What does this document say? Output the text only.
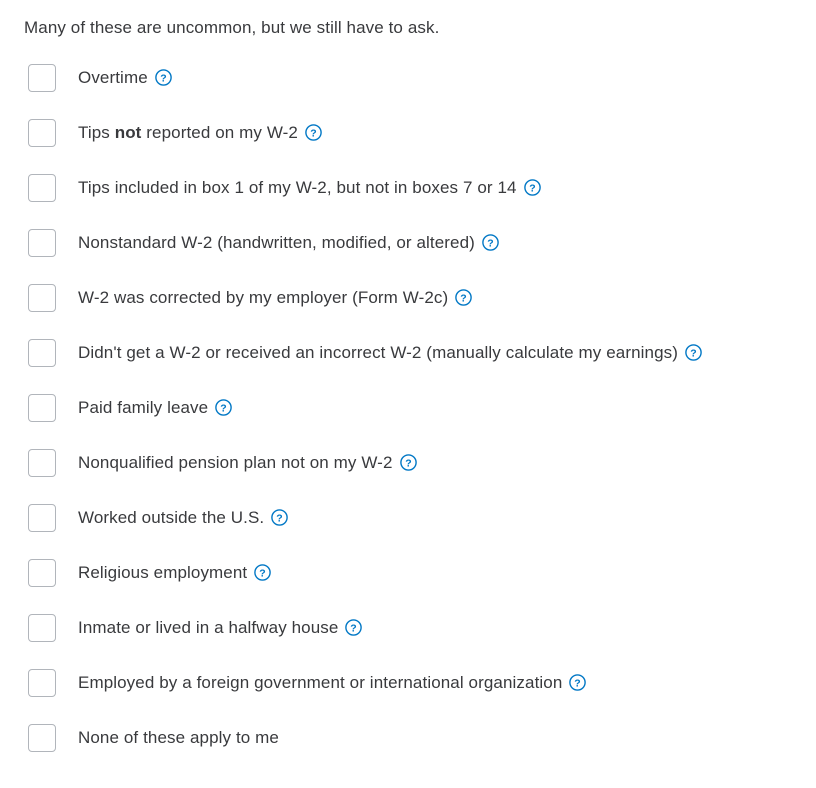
Many of these are uncommon, but we still have to ask.

Overtime ?
Tips not reported on my W-2 ?
Tips included in box 1 of my W-2, but not in boxes 7 or 14 ?
Nonstandard W-2 (handwritten, modified, or altered) ?
W-2 was corrected by my employer (Form W-2c) ?
Didn't get a W-2 or received an incorrect W-2 (manually calculate my earnings) ?
Paid family leave ?
Nonqualified pension plan not on my W-2 ?
Worked outside the U.S. ?
Religious employment ?
Inmate or lived in a halfway house ?
Employed by a foreign government or international organization ?
None of these apply to me
